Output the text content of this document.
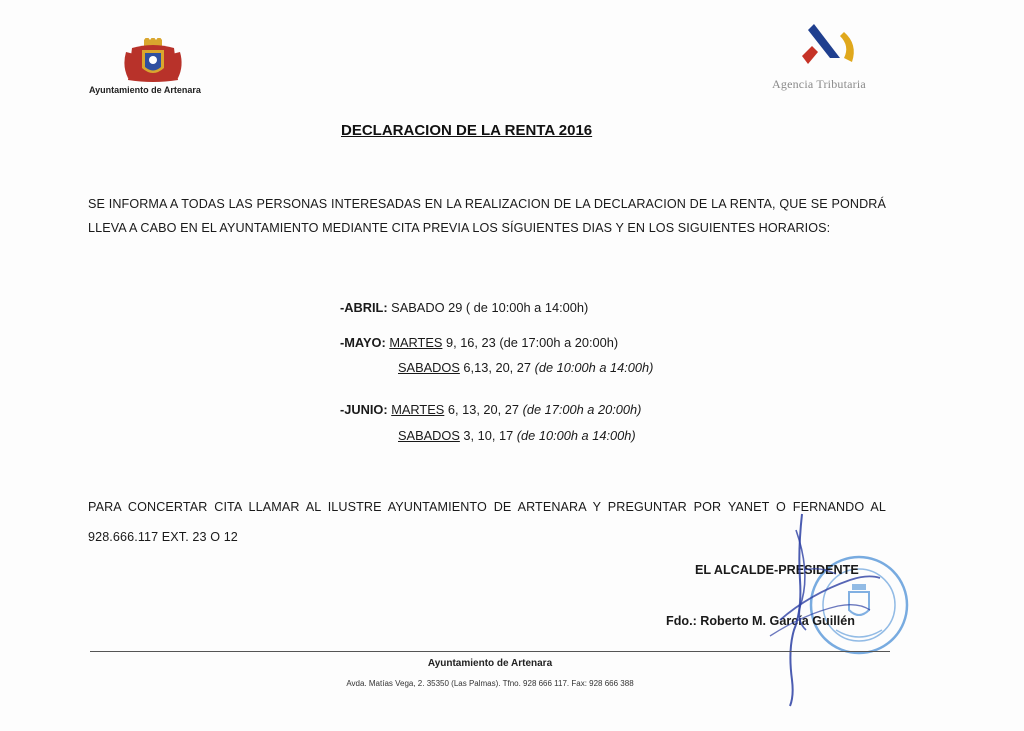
Ayuntamiento de Artenara	Agencia Tributaria
DECLARACION DE LA RENTA 2016
SE INFORMA A TODAS LAS PERSONAS INTERESADAS EN LA REALIZACION DE LA DECLARACION DE LA RENTA, QUE SE PONDRÁ LLEVA A CABO EN EL AYUNTAMIENTO MEDIANTE CITA PREVIA LOS SÍGUIENTES DIAS Y EN LOS SIGUIENTES HORARIOS:
-ABRIL: SABADO 29 ( de 10:00h a 14:00h)
-MAYO: MARTES 9, 16, 23 (de 17:00h a 20:00h)
SABADOS 6,13, 20, 27 (de 10:00h a 14:00h)
-JUNIO: MARTES 6, 13, 20, 27 (de 17:00h a 20:00h)
SABADOS 3, 10, 17 (de 10:00h a 14:00h)
PARA CONCERTAR CITA LLAMAR AL ILUSTRE AYUNTAMIENTO DE ARTENARA Y PREGUNTAR POR YANET O FERNANDO AL 928.666.117 EXT. 23 O 12
EL ALCALDE-PRESIDENTE
Fdo.: Roberto M. García Guillén
Ayuntamiento de Artenara
Avda. Matías Vega, 2. 35350 (Las Palmas). Tfno. 928 666 117. Fax: 928 666 388
